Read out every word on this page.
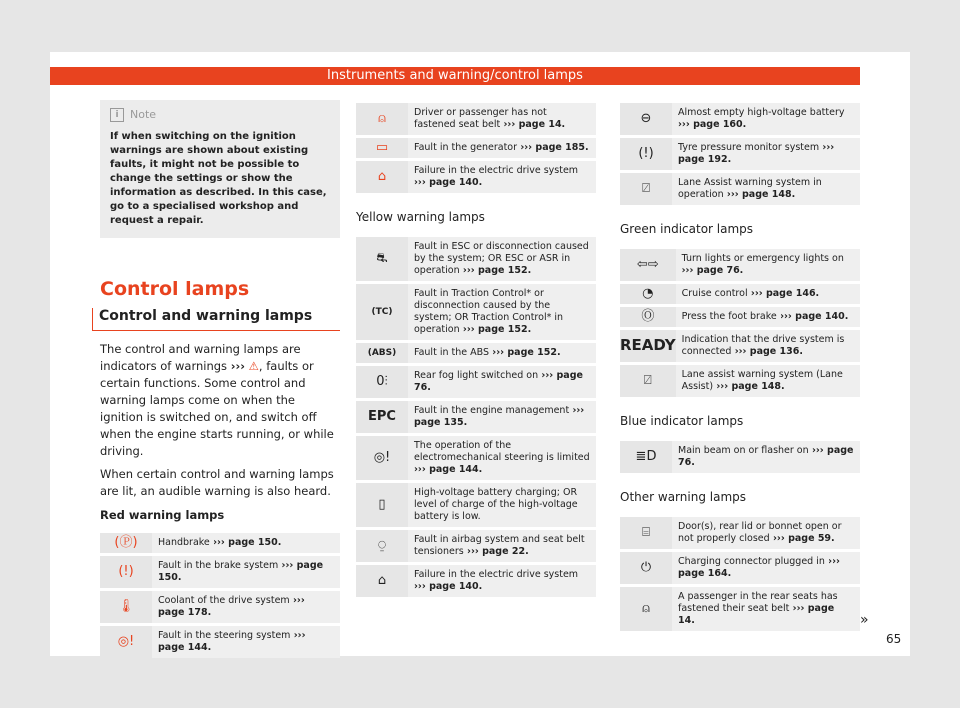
Instruments and warning/control lamps
i	Note
If when switching on the ignition warnings are shown about existing faults, it might not be possible to change the settings or show the information as described. In this case, go to a specialised workshop and request a repair.
Control lamps
Control and warning lamps

The control and warning lamps are indicators of warnings ››› ⚠, faults or certain functions. Some control and warning lamps come on when the ignition is switched on, and switch off when the engine starts running, or while driving.

When certain control and warning lamps are lit, an audible warning is also heard.

Red warning lamps
(Ⓟ)	Handbrake ››› page 150.
(!)	Fault in the brake system ››› page 150.
🌡	Coolant of the drive system ››› page 178.
◎!	Fault in the steering system ››› page 144.
⍝	Driver or passenger has not fastened seat belt ››› page 14.
▭	Fault in the generator ››› page 185.
⌂	Failure in the electric drive system ››› page 140.
Yellow warning lamps
⛐	Fault in ESC or disconnection caused by the system; OR ESC or ASR in operation ››› page 152.
(TC)	Fault in Traction Control* or disconnection caused by the system; OR Traction Control* in operation ››› page 152.
(ABS)	Fault in the ABS ››› page 152.
0⫶	Rear fog light switched on ››› page 76.
EPC	Fault in the engine management ››› page 135.
◎!	The operation of the electromechanical steering is limited ››› page 144.
▯	High-voltage battery charging; OR level of charge of the high-voltage battery is low.
⍜	Fault in airbag system and seat belt tensioners ››› page 22.
⌂	Failure in the electric drive system ››› page 140.
⊖	Almost empty high-voltage battery ››› page 160.
(!)	Tyre pressure monitor system ››› page 192.
⍁	Lane Assist warning system in operation ››› page 148.
Green indicator lamps
⇦⇨	Turn lights or emergency lights on ››› page 76.
◔	Cruise control ››› page 146.
Ⓞ	Press the foot brake ››› page 140.
READY	Indication that the drive system is connected ››› page 136.
⍁	Lane assist warning system (Lane Assist) ››› page 148.
Blue indicator lamps
≣D	Main beam on or flasher on ››› page 76.
Other warning lamps
⌸	Door(s), rear lid or bonnet open or not properly closed ››› page 59.
⏻	Charging connector plugged in ››› page 164.
⍝	A passenger in the rear seats has fastened their seat belt ››› page 14.	»
65
